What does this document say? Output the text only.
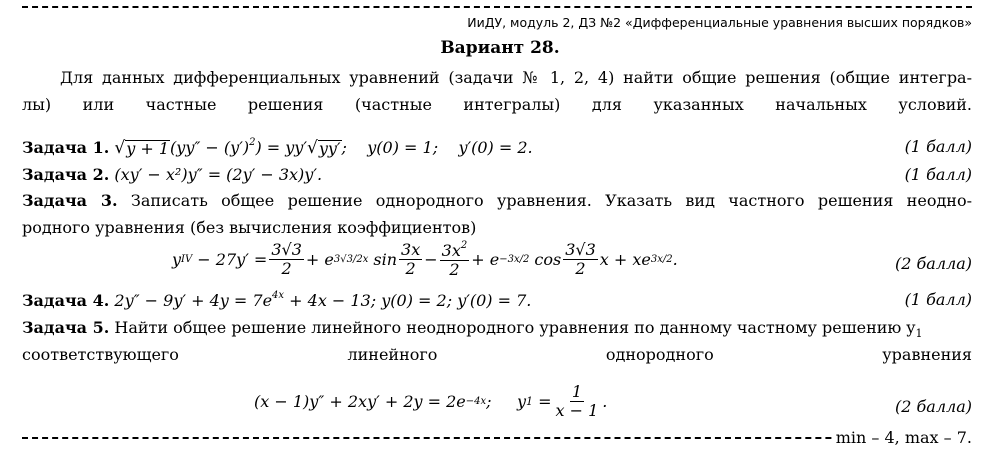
ИиДУ, модуль 2, ДЗ №2 «Дифференциальные уравнения высших порядков»
Вариант 28.
Для данных дифференциальных уравнений (задачи № 1, 2, 4) найти общие решения (общие интегра-
лы) или частные решения (частные интегралы) для указанных начальных условий.
Задача 1. √ y + 1 $(yy'' - (y')^2) = yy'$ √ yy′ ;    y(0) = 1;    y′(0) = 2.	(1 балл)
Задача 2. (xy′ − x²)y″ = (2y′ − 3x)y′.	(1 балл)
Задача 3. Записать общее решение однородного уравнения. Указать вид частного решения неодно-
родного уравнения (без вычисления коэффициентов)
y IV − $27y' = \frac{3√3}{2} + e$ 3√3/2x $\sin \frac{3x}{2} - \frac{3x^2}{2} + e -3x/2$ $\cos \frac{3√3}{2}$ x + xe 3x/2 .	(2 балла)
Задача 4. $2y'' - 9y' + 4y = 7e^{4x} + 4x - 13$; y(0) = 2; y′(0) = 7.	(1 балл)
Задача 5. Найти общее решение линейного неоднородного уравнения по данному частному решению $y_1$
соответствующего линейного однородного уравнения
(x − 1)y″ + 2xy′ + 2y = 2e −4x ;     y $1 = \frac{1}{x - 1}$ .	(2 балла)
min – 4, max – 7.
